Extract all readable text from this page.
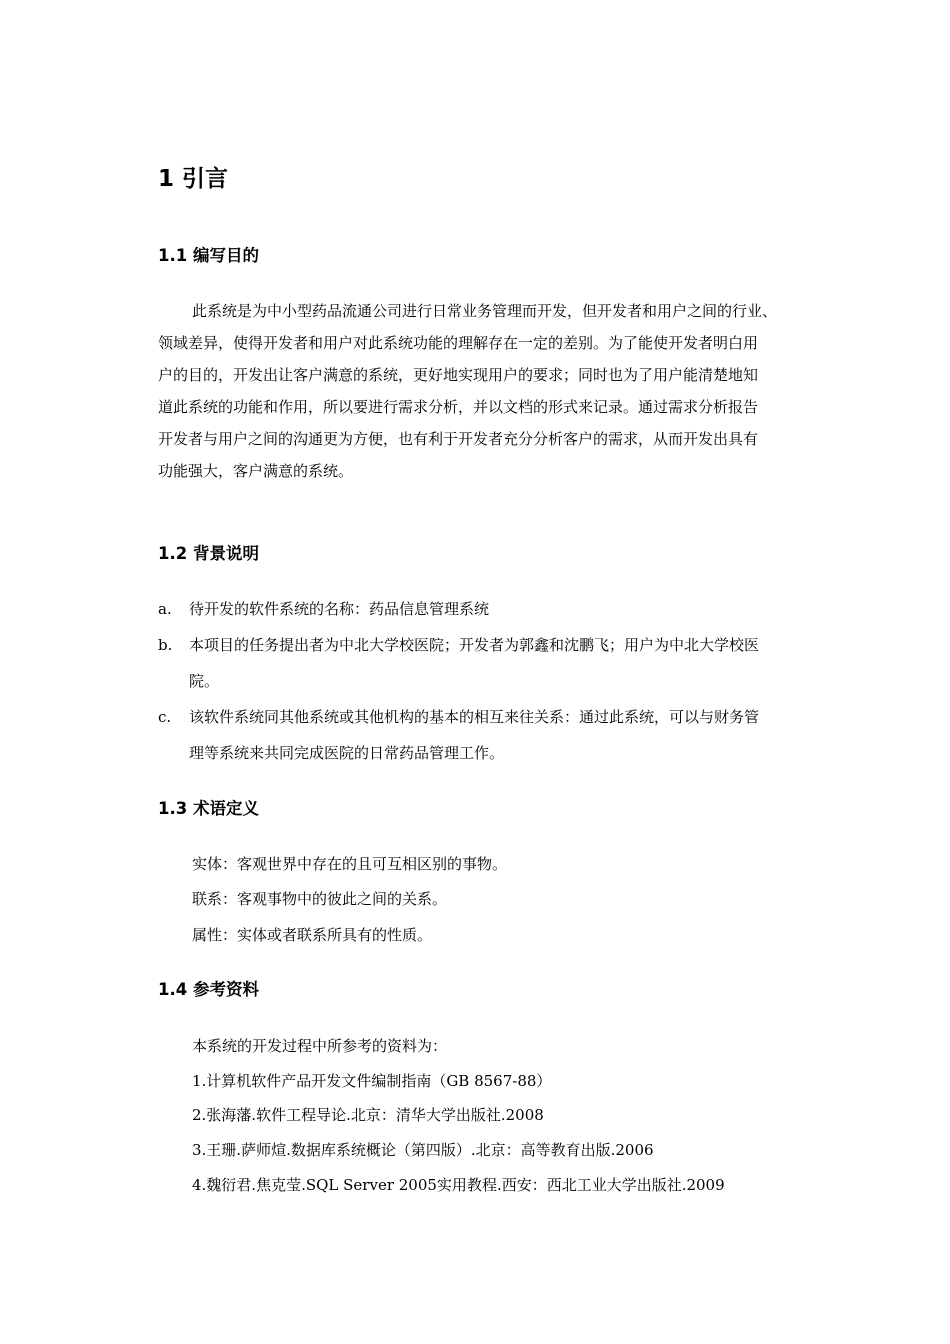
1 引言
1.1 编写目的
此系统是为中小型药品流通公司进行日常业务管理而开发，但开发者和用户之间的行业、
领域差异，使得开发者和用户对此系统功能的理解存在一定的差别。为了能使开发者明白用
户的目的，开发出让客户满意的系统，更好地实现用户的要求；同时也为了用户能清楚地知
道此系统的功能和作用，所以要进行需求分析，并以文档的形式来记录。通过需求分析报告
开发者与用户之间的沟通更为方便，也有利于开发者充分分析客户的需求，从而开发出具有
功能强大，客户满意的系统。
1.2 背景说明
a. 待开发的软件系统的名称：药品信息管理系统
b. 本项目的任务提出者为中北大学校医院；开发者为郭鑫和沈鹏飞；用户为中北大学校医
院。
c. 该软件系统同其他系统或其他机构的基本的相互来往关系：通过此系统，可以与财务管
理等系统来共同完成医院的日常药品管理工作。
1.3 术语定义

实体：客观世界中存在的且可互相区别的事物。

联系：客观事物中的彼此之间的关系。

属性：实体或者联系所具有的性质。

1.4 参考资料

本系统的开发过程中所参考的资料为：

1.计算机软件产品开发文件编制指南（GB 8567-88）

2.张海藩.软件工程导论.北京：清华大学出版社.2008

3.王珊.萨师煊.数据库系统概论（第四版）.北京：高等教育出版.2006

4.魏衍君.焦克莹.SQL Server 2005实用教程.西安：西北工业大学出版社.2009
